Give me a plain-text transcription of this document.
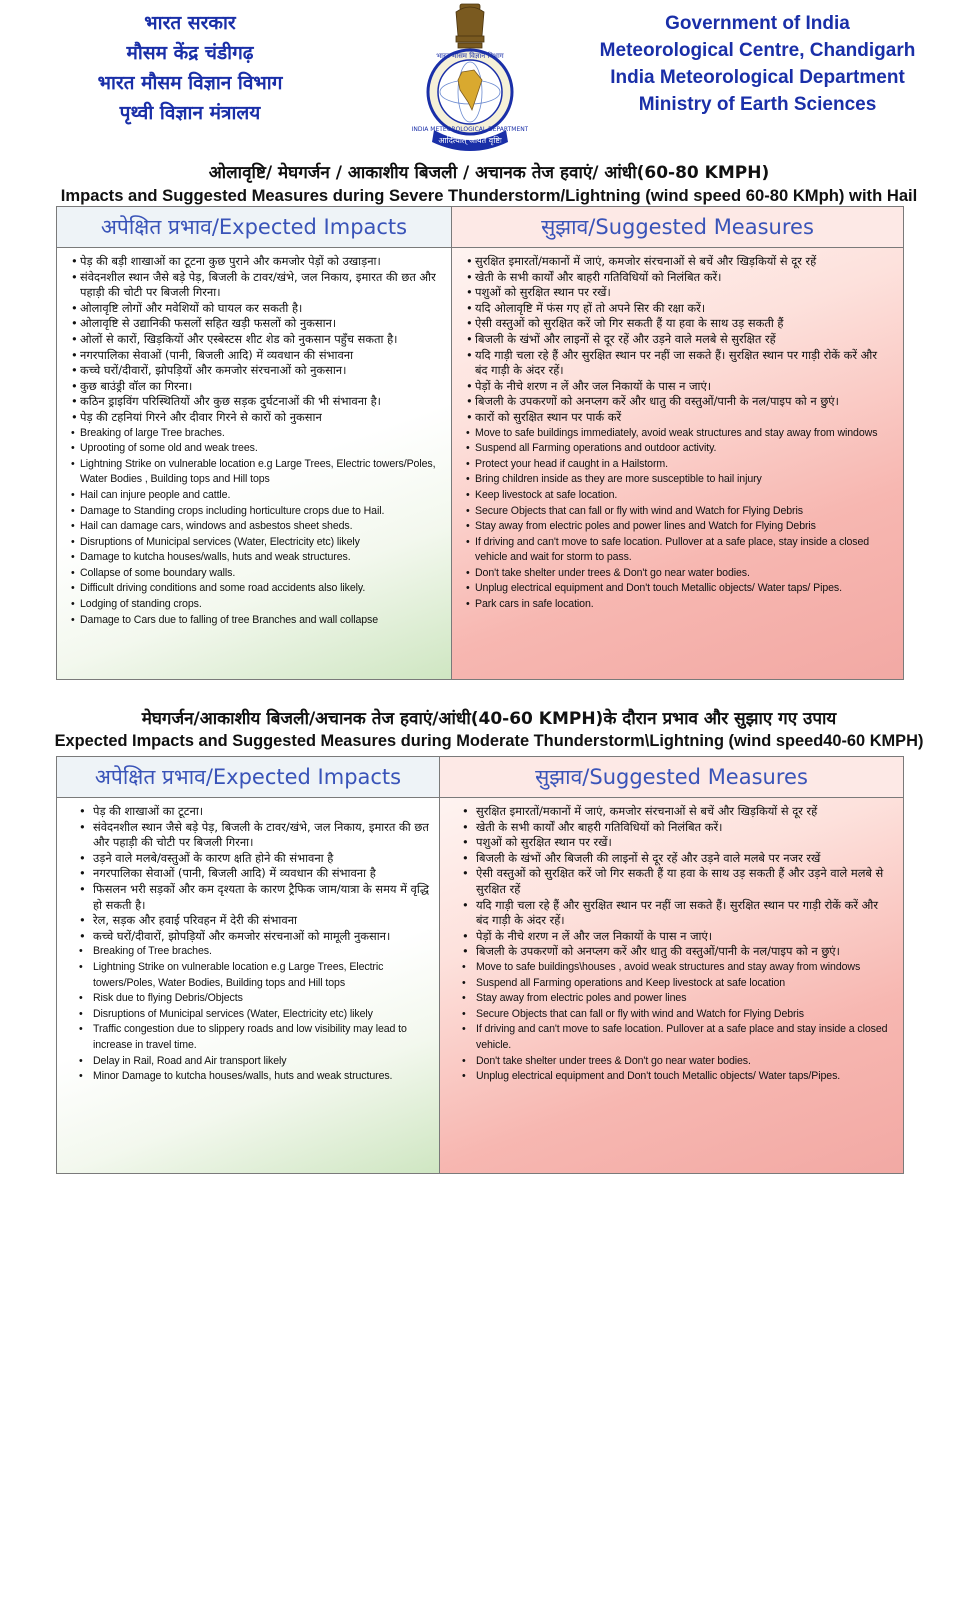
भारत सरकार
मौसम केंद्र चंडीगढ़
भारत मौसम विज्ञान विभाग
पृथ्वी विज्ञान मंत्रालय
आदित्यात् जायते वृष्टिः
भारत मौसम विज्ञान विभाग
INDIA METEOROLOGICAL DEPARTMENT
Government of India
Meteorological Centre, Chandigarh
India Meteorological Department
Ministry of Earth Sciences
ओलावृष्टि/ मेघगर्जन / आकाशीय बिजली / अचानक तेज हवाएं/ आंधी(60-80 KMPH)
Impacts and Suggested Measures during Severe Thunderstorm/Lightning (wind speed 60-80 KMph) with Hail
अपेक्षित प्रभाव/Expected Impacts
• पेड़ की बड़ी शाखाओं का टूटना कुछ पुराने और कमजोर पेड़ों को उखाड़ना।
• संवेदनशील स्थान जैसे बड़े पेड़, बिजली के टावर/खंभे, जल निकाय, इमारत की छत और पहाड़ी की चोटी पर बिजली गिरना।
• ओलावृष्टि लोगों और मवेशियों को घायल कर सकती है।
• ओलावृष्टि से उद्यानिकी फसलों सहित खड़ी फसलों को नुकसान।
• ओलों से कारों, खिड़कियों और एस्बेस्टस शीट शेड को नुकसान पहुँच सकता है।
• नगरपालिका सेवाओं (पानी, बिजली आदि) में व्यवधान की संभावना
• कच्चे घरों/दीवारों, झोपड़ियों और कमजोर संरचनाओं को नुकसान।
• कुछ बाउंड्री वॉल का गिरना।
• कठिन ड्राइविंग परिस्थितियों और कुछ सड़क दुर्घटनाओं की भी संभावना है।
• पेड़ की टहनियां गिरने और दीवार गिरने से कारों को नुकसान
• Breaking of large Tree braches.
• Uprooting of some old and weak trees.
• Lightning Strike on vulnerable location e.g Large Trees, Electric towers/Poles, Water Bodies , Building tops and Hill tops
• Hail can injure people and cattle.
• Damage to Standing crops including horticulture crops due to Hail.
• Hail can damage cars, windows and asbestos sheet sheds.
• Disruptions of Municipal services (Water, Electricity etc) likely
• Damage to kutcha houses/walls, huts and weak structures.
• Collapse of some boundary walls.
• Difficult driving conditions and some road accidents also likely.
• Lodging of standing crops.
• Damage to Cars due to falling of tree Branches and wall collapse
सुझाव/Suggested Measures
• सुरक्षित इमारतों/मकानों में जाएं, कमजोर संरचनाओं से बचें और खिड़कियों से दूर रहें
• खेती के सभी कार्यों और बाहरी गतिविधियों को निलंबित करें।
• पशुओं को सुरक्षित स्थान पर रखें।
• यदि ओलावृष्टि में फंस गए हों तो अपने सिर की रक्षा करें।
• ऐसी वस्तुओं को सुरक्षित करें जो गिर सकती हैं या हवा के साथ उड़ सकती हैं
• बिजली के खंभों और लाइनों से दूर रहें और उड़ने वाले मलबे से सुरक्षित रहें
• यदि गाड़ी चला रहे हैं और सुरक्षित स्थान पर नहीं जा सकते हैं। सुरक्षित स्थान पर गाड़ी रोकें करें और बंद गाड़ी के अंदर रहें।
• पेड़ों के नीचे शरण न लें और जल निकायों के पास न जाएं।
• बिजली के उपकरणों को अनप्लग करें और धातु की वस्तुओं/पानी के नल/पाइप को न छुएं।
• कारों को सुरक्षित स्थान पर पार्क करें
• Move to safe buildings immediately, avoid weak structures and stay away from windows
• Suspend all Farming operations and outdoor activity.
• Protect your head if caught in a Hailstorm.
• Bring children inside as they are more susceptible to hail injury
• Keep livestock at safe location.
• Secure Objects that can fall or fly with wind and Watch for Flying Debris
• Stay away from electric poles and power lines and Watch for Flying Debris
• If driving and can't move to safe location. Pullover at a safe place, stay inside a closed vehicle and wait for storm to pass.
• Don't take shelter under trees & Don't go near water bodies.
• Unplug electrical equipment and Don't touch Metallic objects/ Water taps/ Pipes.
• Park cars in safe location.
मेघगर्जन/आकाशीय बिजली/अचानक तेज हवाएं/आंधी(40-60 KMPH)के दौरान प्रभाव और सुझाए गए उपाय
Expected Impacts and Suggested Measures during Moderate Thunderstorm\Lightning (wind speed40-60 KMPH)
अपेक्षित प्रभाव/Expected Impacts
• पेड़ की शाखाओं का टूटना।
• संवेदनशील स्थान जैसे बड़े पेड़, बिजली के टावर/खंभे, जल निकाय, इमारत की छत और पहाड़ी की चोटी पर बिजली गिरना।
• उड़ने वाले मलबे/वस्तुओं के कारण क्षति होने की संभावना है
• नगरपालिका सेवाओं (पानी, बिजली आदि) में व्यवधान की संभावना है
• फिसलन भरी सड़कों और कम दृश्यता के कारण ट्रैफिक जाम/यात्रा के समय में वृद्धि हो सकती है।
• रेल, सड़क और हवाई परिवहन में देरी की संभावना
• कच्चे घरों/दीवारों, झोपड़ियों और कमजोर संरचनाओं को मामूली नुकसान।
• Breaking of Tree braches.
• Lightning Strike on vulnerable location e.g Large Trees, Electric towers/Poles, Water Bodies, Building tops and Hill tops
• Risk due to flying Debris/Objects
• Disruptions of Municipal services (Water, Electricity etc) likely
• Traffic congestion due to slippery roads and low visibility may lead to increase in travel time.
• Delay in Rail, Road and Air transport likely
• Minor Damage to kutcha houses/walls, huts and weak structures.
सुझाव/Suggested Measures
• सुरक्षित इमारतों/मकानों में जाएं, कमजोर संरचनाओं से बचें और खिड़कियों से दूर रहें
• खेती के सभी कार्यों और बाहरी गतिविधियों को निलंबित करें।
• पशुओं को सुरक्षित स्थान पर रखें।
• बिजली के खंभों और बिजली की लाइनों से दूर रहें और उड़ने वाले मलबे पर नजर रखें
• ऐसी वस्तुओं को सुरक्षित करें जो गिर सकती हैं या हवा के साथ उड़ सकती हैं और उड़ने वाले मलबे से सुरक्षित रहें
• यदि गाड़ी चला रहे हैं और सुरक्षित स्थान पर नहीं जा सकते हैं। सुरक्षित स्थान पर गाड़ी रोकें करें और बंद गाड़ी के अंदर रहें।
• पेड़ों के नीचे शरण न लें और जल निकायों के पास न जाएं।
• बिजली के उपकरणों को अनप्लग करें और धातु की वस्तुओं/पानी के नल/पाइप को न छुएं।
• Move to safe buildings\houses , avoid weak structures and stay away from windows
• Suspend all Farming operations and Keep livestock at safe location
• Stay away from electric poles and power lines
• Secure Objects that can fall or fly with wind and Watch for Flying Debris
• If driving and can't move to safe location. Pullover at a safe place and stay inside a closed vehicle.
• Don't take shelter under trees & Don't go near water bodies.
• Unplug electrical equipment and Don't touch Metallic objects/ Water taps/Pipes.
